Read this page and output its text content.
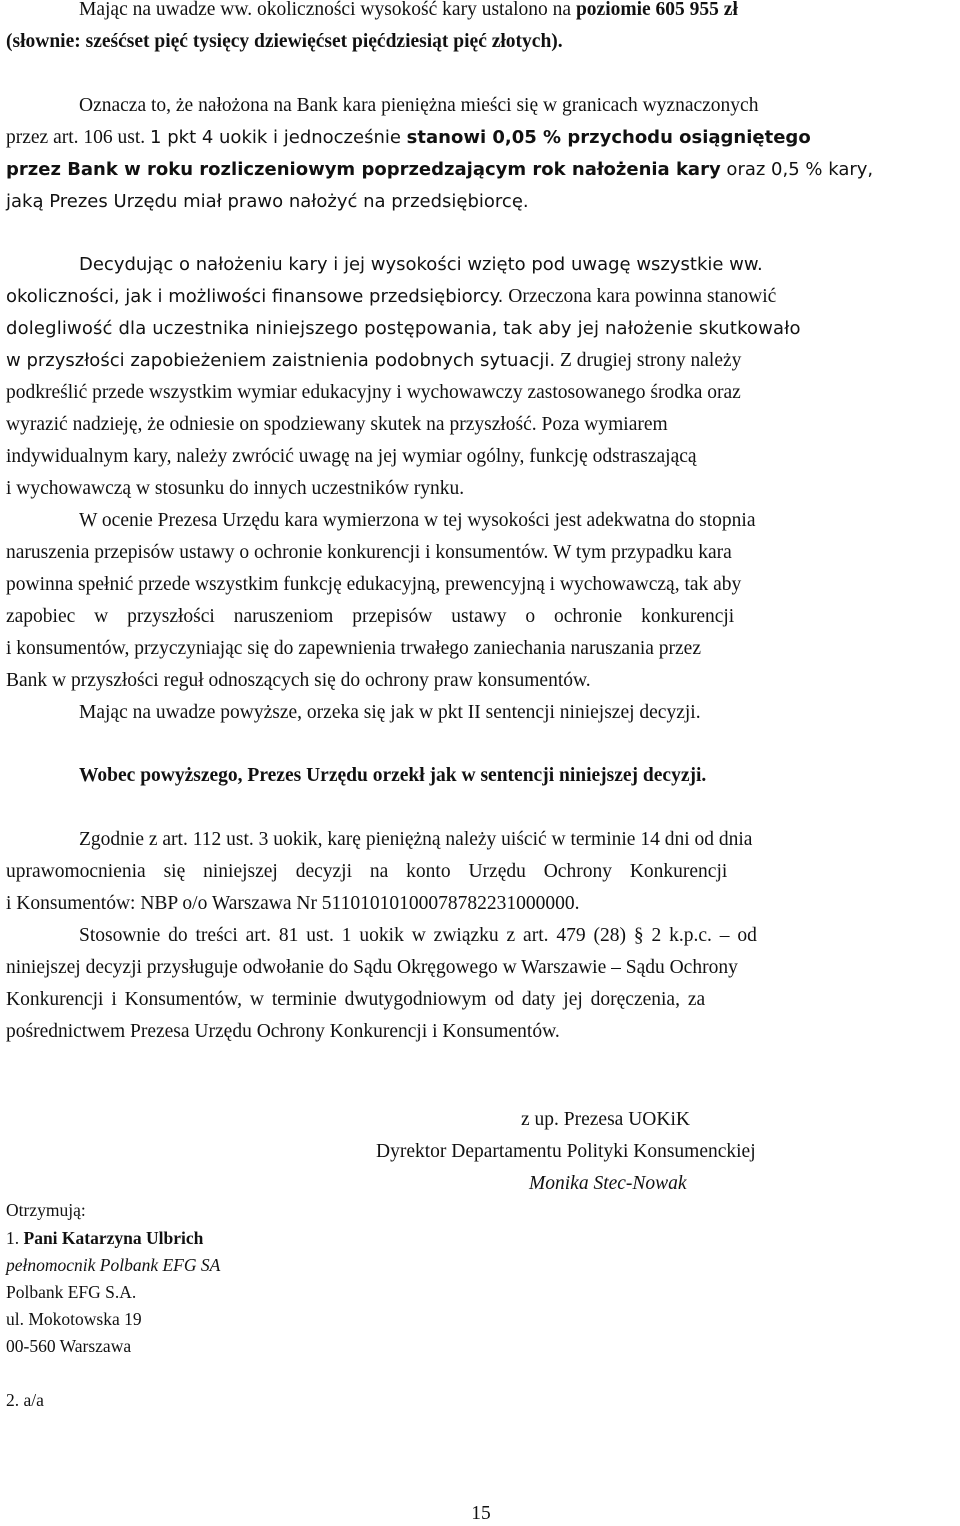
Mając na uwadze ww. okoliczności wysokość kary ustalono na poziomie 605 955 zł
(słownie: sześćset pięć tysięcy dziewięćset pięćdziesiąt pięć złotych).
Oznacza to, że nałożona na Bank kara pieniężna mieści się w granicach wyznaczonych
przez art. 106 ust. 1 pkt 4 uokik i jednocześnie stanowi 0,05 % przychodu osiągniętego
przez Bank w roku rozliczeniowym poprzedzającym rok nałożenia kary oraz 0,5 % kary,
jaką Prezes Urzędu miał prawo nałożyć na przedsiębiorcę.
Decydując o nałożeniu kary i jej wysokości wzięto pod uwagę wszystkie ww.
okoliczności, jak i możliwości finansowe przedsiębiorcy. Orzeczona kara powinna stanowić
dolegliwość dla uczestnika niniejszego postępowania, tak aby jej nałożenie skutkowało
w przyszłości zapobieżeniem zaistnienia podobnych sytuacji. Z drugiej strony należy
podkreślić przede wszystkim wymiar edukacyjny i wychowawczy zastosowanego środka oraz
wyrazić nadzieję, że odniesie on spodziewany skutek na przyszłość. Poza wymiarem
indywidualnym kary, należy zwrócić uwagę na jej wymiar ogólny, funkcję odstraszającą
i wychowawczą w stosunku do innych uczestników rynku.
W ocenie Prezesa Urzędu kara wymierzona w tej wysokości jest adekwatna do stopnia
naruszenia przepisów ustawy o ochronie konkurencji i konsumentów. W tym przypadku kara
powinna spełnić przede wszystkim funkcję edukacyjną, prewencyjną i wychowawczą, tak aby
zapobiec w przyszłości naruszeniom przepisów ustawy o ochronie konkurencji
i konsumentów, przyczyniając się do zapewnienia trwałego zaniechania naruszania przez
Bank w przyszłości reguł odnoszących się do ochrony praw konsumentów.
Mając na uwadze powyższe, orzeka się jak w pkt II sentencji niniejszej decyzji.
Wobec powyższego, Prezes Urzędu orzekł jak w sentencji niniejszej decyzji.
Zgodnie z art. 112 ust. 3 uokik, karę pieniężną należy uiścić w terminie 14 dni od dnia
uprawomocnienia się niniejszej decyzji na konto Urzędu Ochrony Konkurencji
i Konsumentów: NBP o/o Warszawa Nr 51101010100078782231000000.
Stosownie do treści art. 81 ust. 1 uokik w związku z art. 479 (28) § 2 k.p.c. – od
niniejszej decyzji przysługuje odwołanie do Sądu Okręgowego w Warszawie – Sądu Ochrony
Konkurencji i Konsumentów, w terminie dwutygodniowym od daty jej doręczenia, za
pośrednictwem Prezesa Urzędu Ochrony Konkurencji i Konsumentów.
z up. Prezesa UOKiK
Dyrektor Departamentu Polityki Konsumenckiej
Monika Stec-Nowak
Otrzymują:
1. Pani Katarzyna Ulbrich
pełnomocnik Polbank EFG SA
Polbank EFG S.A.
ul. Mokotowska 19
00-560 Warszawa
2. a/a
15
